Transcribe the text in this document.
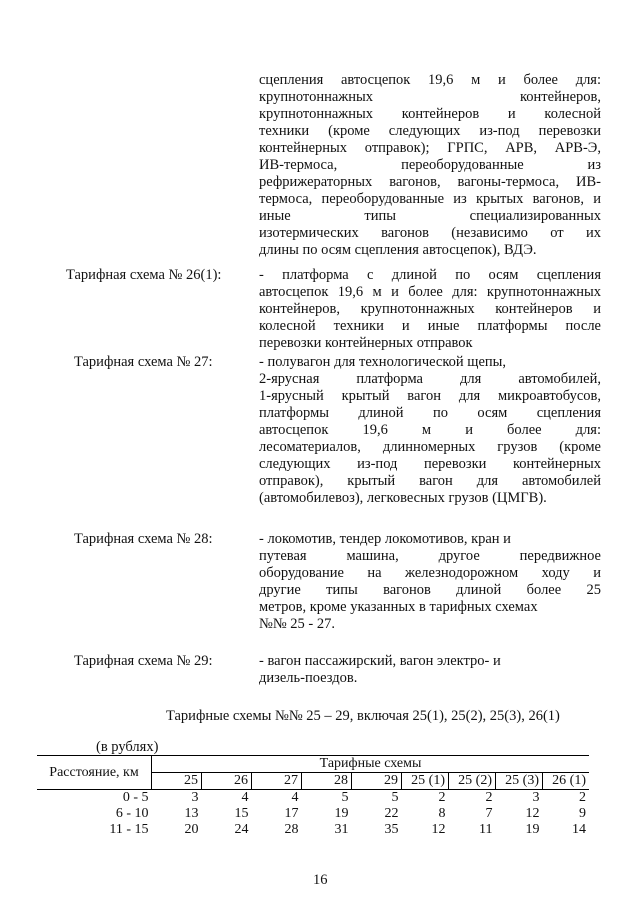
сцепления автосцепок 19,6 м и более для:
крупнотоннажных контейнеров,
крупнотоннажных контейнеров и колесной
техники (кроме следующих из-под перевозки
контейнерных отправок); ГРПС, АРВ, АРВ-Э,
ИВ-термоса, переоборудованные из
рефрижераторных вагонов, вагоны-термоса, ИВ-
термоса, переоборудованные из крытых вагонов, и
иные типы специализированных
изотермических вагонов (независимо от их
длины по осям сцепления автосцепок), ВДЭ.
Тарифная схема № 26(1):	- платформа с длиной по осям сцепления
автосцепок 19,6 м и более для: крупнотоннажных
контейнеров, крупнотоннажных контейнеров и
колесной техники и иные платформы после
перевозки контейнерных отправок
Тарифная схема № 27:	- полувагон для технологической щепы,
2-ярусная платформа для автомобилей,
1-ярусный крытый вагон для микроавтобусов,
платформы длиной по осям сцепления
автосцепок 19,6 м и более для:
лесоматериалов, длинномерных грузов (кроме
следующих из-под перевозки контейнерных
отправок), крытый вагон для автомобилей
(автомобилевоз), легковесных грузов (ЦМГВ).
Тарифная схема № 28:	- локомотив, тендер локомотивов, кран и
путевая машина, другое передвижное
оборудование на железнодорожном ходу и
другие типы вагонов длиной более 25
метров, кроме указанных в тарифных схемах
№№ 25 - 27.
Тарифная схема № 29:	- вагон пассажирский, вагон электро- и
дизель-поездов.
Тарифные схемы №№ 25 – 29, включая 25(1), 25(2), 25(3), 26(1)
(в рублях)
Расстояние, км	Тарифные схемы								
	25	26	27	28	29	25 (1)	25 (2)	25 (3)	26 (1)
0 - 5	3	4	4	5	5	2	2	3	2
6 - 10	13	15	17	19	22	8	7	12	9
11 - 15	20	24	28	31	35	12	11	19	14
16
